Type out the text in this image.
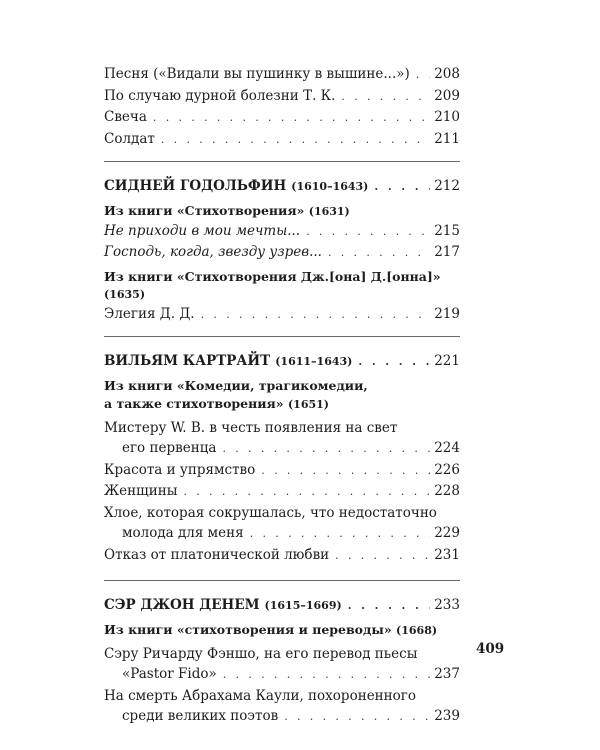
Песня («Видали вы пушинку в вышине...») . . . 208
По случаю дурной болезни Т. К. . . .	209
Свеча . . .	210
Солдат . . .	211
СИДНЕЙ ГОДОЛЬФИН (1610–1643) . . .	212
Из книги «Стихотворения» (1631)
Не приходи в мои мечты... . . .	215
Господь, когда, звезду узрев... . . .	217
Из книги «Стихотворения Дж.[она] Д.[онна]»
(1635)
Элегия Д. Д. . . .	219
ВИЛЬЯМ КАРТРАЙТ (1611–1643) . . .	221
Из книги «Комедии, трагикомедии,
а также стихотворения» (1651)
Мистеру W. B. в честь появления на свет
его первенца . . .	224
Красота и упрямство . . .	226
Женщины . . .	228
Хлое, которая сокрушалась, что недостаточно
молода для меня . . .	229
Отказ от платонической любви . . .	231
СЭР ДЖОН ДЕНЕМ (1615–1669) . . .	233
Из книги «стихотворения и переводы» (1668)
Сэру Ричарду Фэншо, на его перевод пьесы
«Pastor Fido» . . .	237
На смерть Абрахама Каули, похороненного
среди великих поэтов . . .	239
409
